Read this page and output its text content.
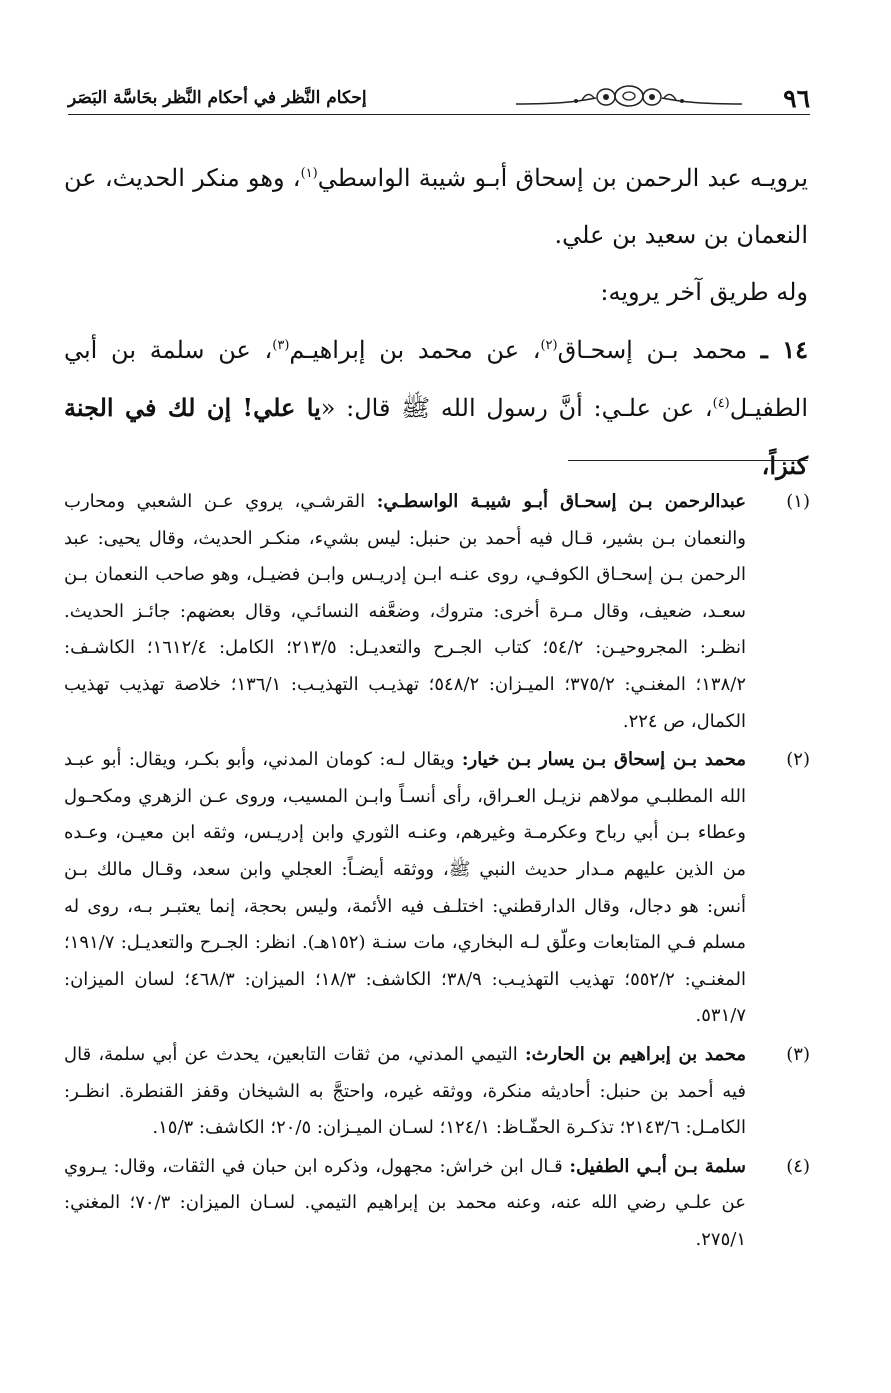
٩٦
إحكام النَّظر في أحكام النَّظر بحَاسَّة البَصَر

يرويـه عبد الرحمن بن إسحاق أبـو شيبة الواسطي$^{(١)}$، وهو منكر الحديث، عن النعمان بن سعيد بن علي.

وله طريق آخر يرويه:

١٤ ـ محمد بـن إسحـاق$^{(٢)}$، عن محمد بن إبراهيـم$^{(٣)}$، عن سلمة بن أبي الطفيـل$^{(٤)}$، عن علـي: أنَّ رسول الله ﷺ قال: «يا علي! إن لك في الجنة كنزاً،

(١)
عبدالرحمن بـن إسحـاق أبـو شيبـة الواسطـي: القرشـي، يروي عـن الشعبي ومحارب والنعمان بـن بشير، قـال فيه أحمد بن حنبل: ليس بشيء، منكـر الحديث، وقال يحيى: عبد الرحمن بـن إسحـاق الكوفـي، روى عنـه ابـن إدريـس وابـن فضيـل، وهو صاحب النعمان بـن سعـد، ضعيف، وقال مـرة أخرى: متروك، وضعَّفه النسائـي، وقال بعضهم: جائـز الحديث. انظـر: المجروحيـن: ٥٤/٢؛ كتاب الجـرح والتعديـل: ٢١٣/٥؛ الكامل: ١٦١٢/٤؛ الكاشـف: ١٣٨/٢؛ المغنـي: ٣٧٥/٢؛ الميـزان: ٥٤٨/٢؛ تهذيـب التهذيـب: ١٣٦/١؛ خلاصة تهذيب تهذيب الكمال، ص ٢٢٤.
(٢)
محمد بـن إسحاق بـن يسار بـن خيار: ويقال لـه: كومان المدني، وأبو بكـر، ويقال: أبو عبـد الله المطلبـي مولاهم نزيـل العـراق، رأى أنسـاً وابـن المسيب، وروى عـن الزهري ومكحـول وعطاء بـن أبي رباح وعكرمـة وغيرهم، وعنـه الثوري وابن إدريـس، وثقه ابن معيـن، وعـده من الذين عليهم مـدار حديث النبي ﷺ، ووثقه أيضـاً: العجلي وابن سعد، وقـال مالك بـن أنس: هو دجال، وقال الدارقطني: اختلـف فيه الأئمة، وليس بحجة، إنما يعتبـر بـه، روى له مسلم فـي المتابعات وعلّق لـه البخاري، مات سنـة (١٥٢هـ). انظر: الجـرح والتعديـل: ١٩١/٧؛ المغنـي: ٥٥٢/٢؛ تهذيب التهذيـب: ٣٨/٩؛ الكاشف: ١٨/٣؛ الميزان: ٤٦٨/٣؛ لسان الميزان: ٥٣١/٧.
(٣)
محمد بن إبراهيم بن الحارث: التيمي المدني، من ثقات التابعين، يحدث عن أبي سلمة، قال فيه أحمد بن حنبل: أحاديثه منكرة، ووثقه غيره، واحتجَّ به الشيخان وقفز القنطرة. انظـر: الكامـل: ٢١٤٣/٦؛ تذكـرة الحفّـاظ: ١٢٤/١؛ لسـان الميـزان: ٢٠/٥؛ الكاشف: ١٥/٣.
(٤)
سلمة بـن أبـي الطفيل: قـال ابن خراش: مجهول، وذكره ابن حبان في الثقات، وقال: يـروي عن علـي رضي الله عنه، وعنه محمد بن إبراهيم التيمي. لسـان الميزان: ٧٠/٣؛ المغني: ٢٧٥/١.
